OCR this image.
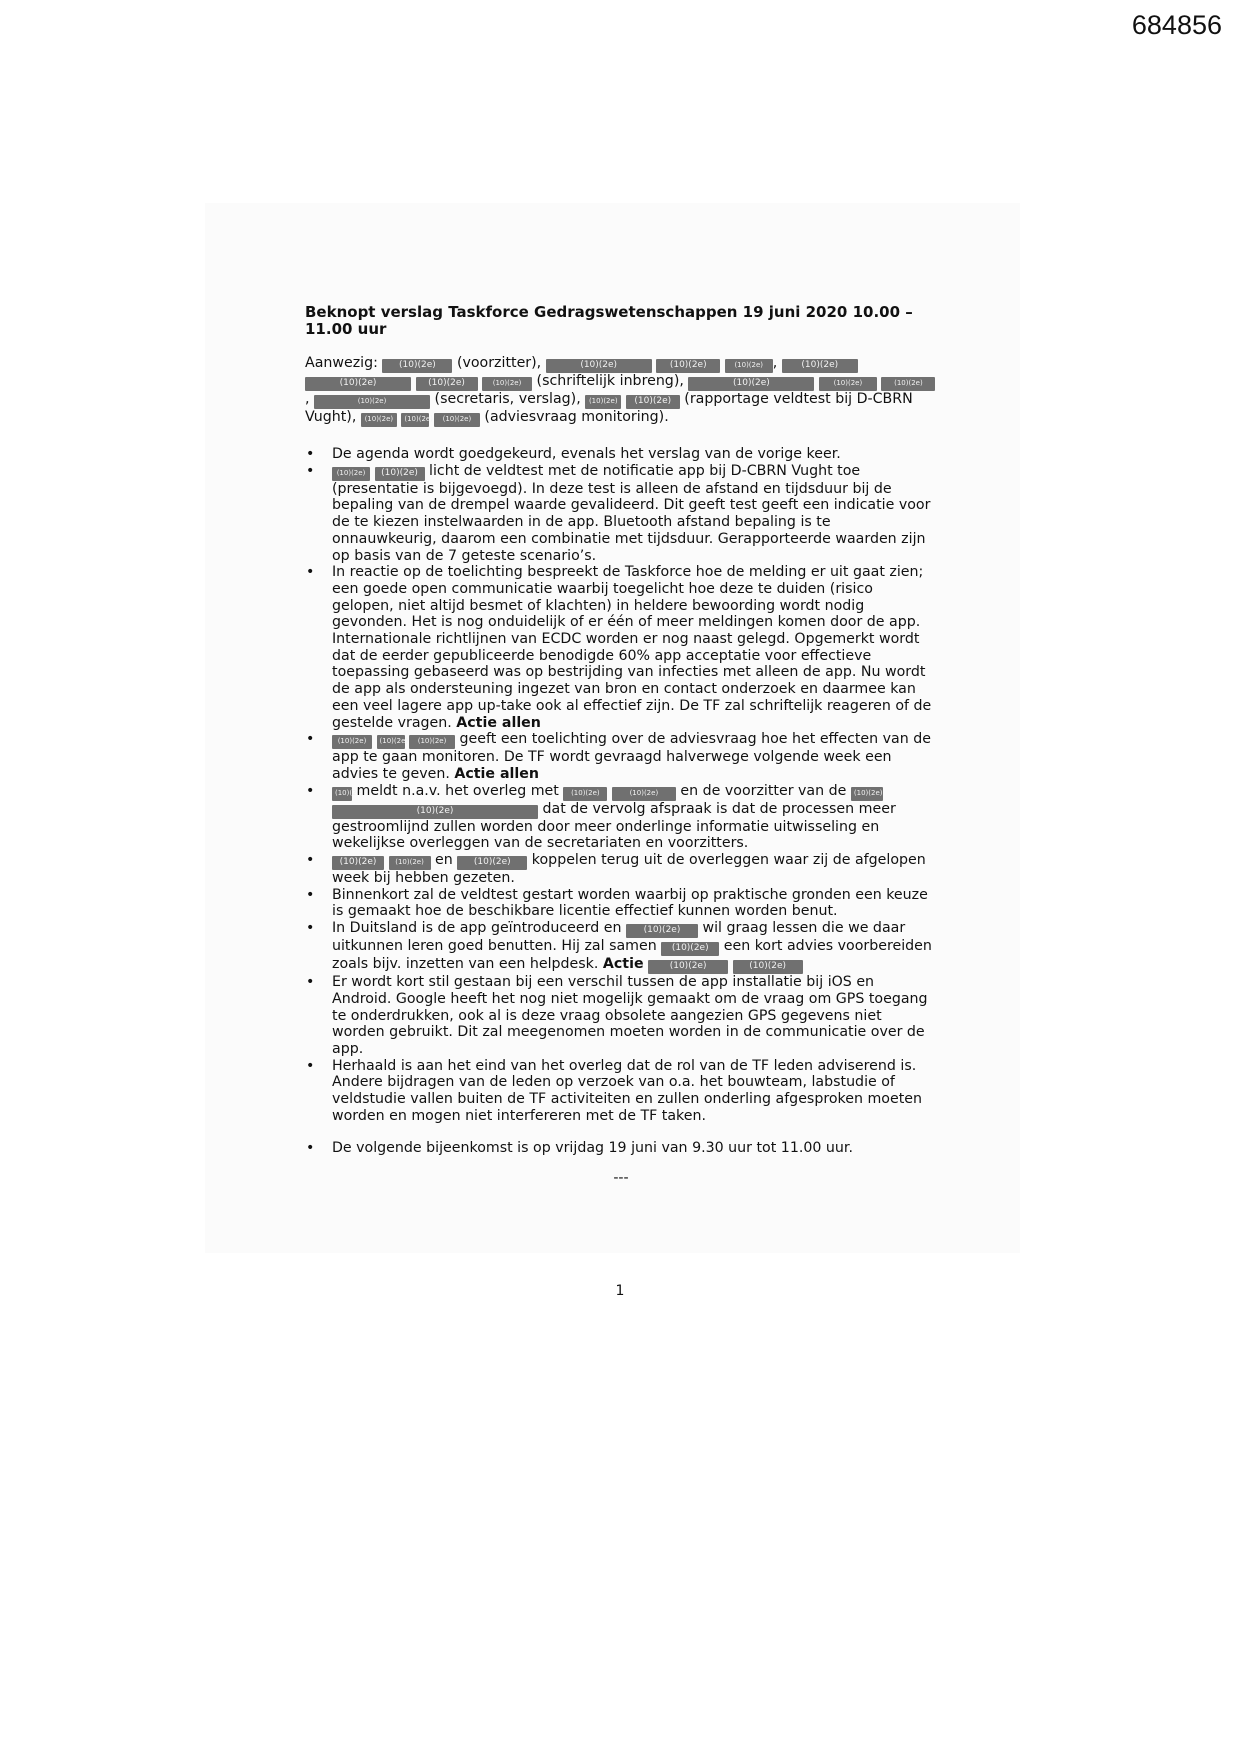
684856
Beknopt verslag Taskforce Gedragswetenschappen 19 juni 2020 10.00 – 11.00 uur
Aanwezig: (10)(2e) (voorzitter),	(10)(2e)	(10)(2e)	(10)(2e) ,	(10)(2e) (10)(2e)	(10)(2e)	(10)(2e) (schriftelijk inbreng),	(10)(2e)	(10)(2e)	(10)(2e),	(10)(2e)	(secretaris, verslag), (10)(2e) (10)(2e) (rapportage veldtest bij D-CBRN Vught), (10)(2e) (10)(2e) (10)(2e) (adviesvraag monitoring).
• De agenda wordt goedgekeurd, evenals het verslag van de vorige keer.
• (10)(2e) (10)(2e) licht de veldtest met de notificatie app bij D-CBRN Vught toe (presentatie is bijgevoegd). In deze test is alleen de afstand en tijdsduur bij de bepaling van de drempel waarde gevalideerd. Dit geeft test geeft een indicatie voor de te kiezen instelwaarden in de app. Bluetooth afstand bepaling is te onnauwkeurig, daarom een combinatie met tijdsduur. Gerapporteerde waarden zijn op basis van de 7 geteste scenario’s.
• In reactie op de toelichting bespreekt de Taskforce hoe de melding er uit gaat zien; een goede open communicatie waarbij toegelicht hoe deze te duiden (risico gelopen, niet altijd besmet of klachten) in heldere bewoording wordt nodig gevonden. Het is nog onduidelijk of er één of meer meldingen komen door de app. Internationale richtlijnen van ECDC worden er nog naast gelegd. Opgemerkt wordt dat de eerder gepubliceerde benodigde 60% app acceptatie voor effectieve toepassing gebaseerd was op bestrijding van infecties met alleen de app. Nu wordt de app als ondersteuning ingezet van bron en contact onderzoek en daarmee kan een veel lagere app up-take ook al effectief zijn. De TF zal schriftelijk reageren of de gestelde vragen. Actie allen
• (10)(2e) (10)(2e) (10)(2e) geeft een toelichting over de adviesvraag hoe het effecten van de app te gaan monitoren. De TF wordt gevraagd halverwege volgende week een advies te geven. Actie allen
• (10)(2e) meldt n.a.v. het overleg met (10)(2e)	(10)(2e) en de voorzitter van de (10)(2e) (10)(2e)	dat de vervolg afspraak is dat de processen meer gestroomlijnd zullen worden door meer onderlinge informatie uitwisseling en wekelijkse overleggen van de secretariaten en voorzitters.
• (10)(2e)	(10)(2e) en (10)(2e) koppelen terug uit de overleggen waar zij de afgelopen week bij hebben gezeten.
• Binnenkort zal de veldtest gestart worden waarbij op praktische gronden een keuze is gemaakt hoe de beschikbare licentie effectief kunnen worden benut.
• In Duitsland is de app geïntroduceerd en (10)(2e) wil graag lessen die we daar uitkunnen leren goed benutten. Hij zal samen (10)(2e) een kort advies voorbereiden zoals bijv. inzetten van een helpdesk. Actie	(10)(2e)	(10)(2e)
• Er wordt kort stil gestaan bij een verschil tussen de app installatie bij iOS en Android. Google heeft het nog niet mogelijk gemaakt om de vraag om GPS toegang te onderdrukken, ook al is deze vraag obsolete aangezien GPS gegevens niet worden gebruikt. Dit zal meegenomen moeten worden in de communicatie over de app.
• Herhaald is aan het eind van het overleg dat de rol van de TF leden adviserend is. Andere bijdragen van de leden op verzoek van o.a. het bouwteam, labstudie of veldstudie vallen buiten de TF activiteiten en zullen onderling afgesproken moeten worden en mogen niet interfereren met de TF taken.
• De volgende bijeenkomst is op vrijdag 19 juni van 9.30 uur tot 11.00 uur.
---
1
